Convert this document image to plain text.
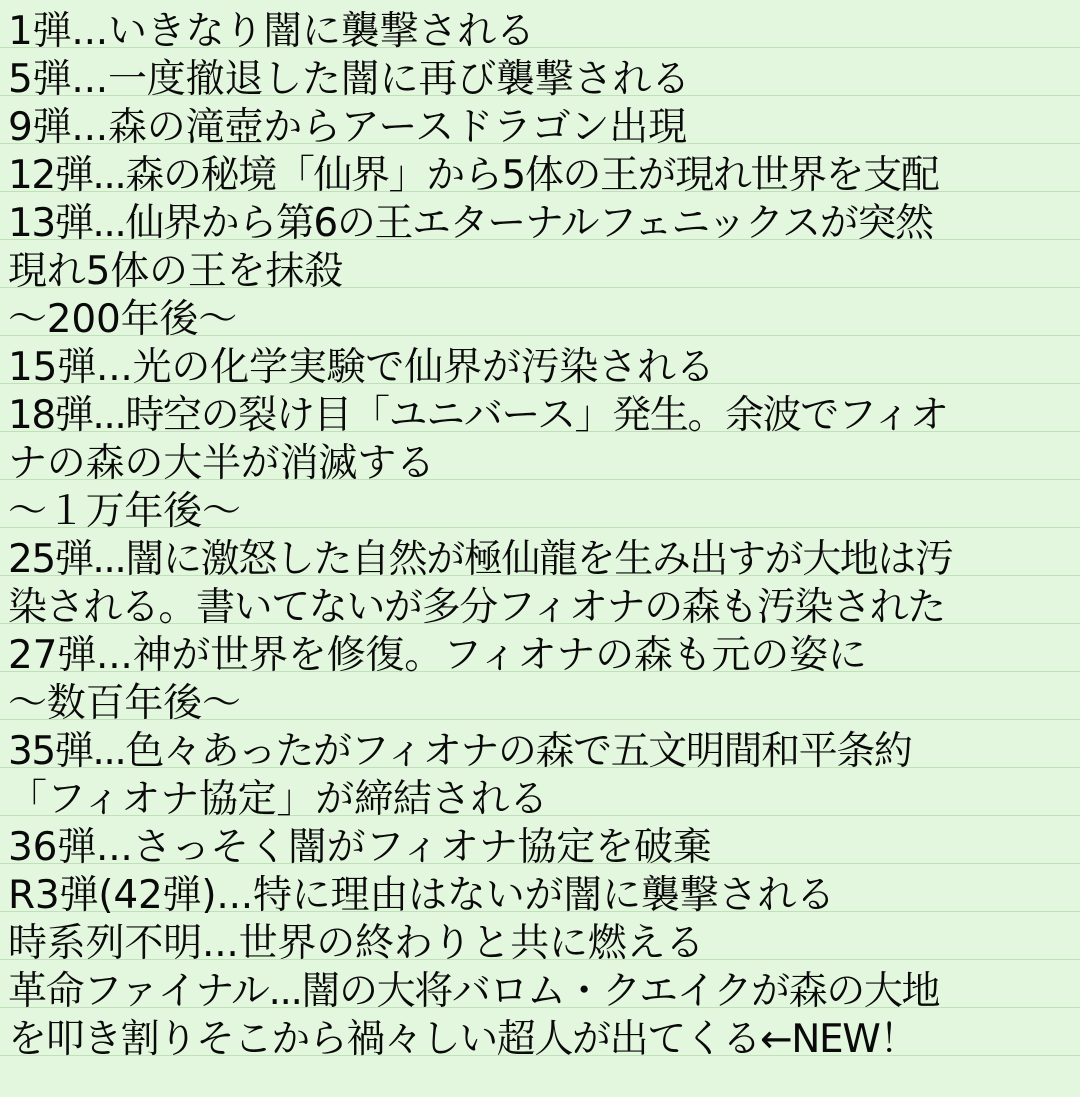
1弾...いきなり闇に襲撃される
5弾...一度撤退した闇に再び襲撃される
9弾...森の滝壺からアースドラゴン出現
12弾...森の秘境「仙界」から5体の王が現れ世界を支配
13弾...仙界から第6の王エターナルフェニックスが突然
現れ5体の王を抹殺
〜200年後〜
15弾...光の化学実験で仙界が汚染される
18弾...時空の裂け目「ユニバース」発生。余波でフィオ
ナの森の大半が消滅する
〜１万年後〜
25弾...闇に激怒した自然が極仙龍を生み出すが大地は汚
染される。書いてないが多分フィオナの森も汚染された
27弾...神が世界を修復。フィオナの森も元の姿に
〜数百年後〜
35弾...色々あったがフィオナの森で五文明間和平条約
「フィオナ協定」が締結される
36弾...さっそく闇がフィオナ協定を破棄
R3弾(42弾)...特に理由はないが闇に襲撃される
時系列不明...世界の終わりと共に燃える
革命ファイナル...闇の大将バロム・クエイクが森の大地
を叩き割りそこから禍々しい超人が出てくる←NEW！
